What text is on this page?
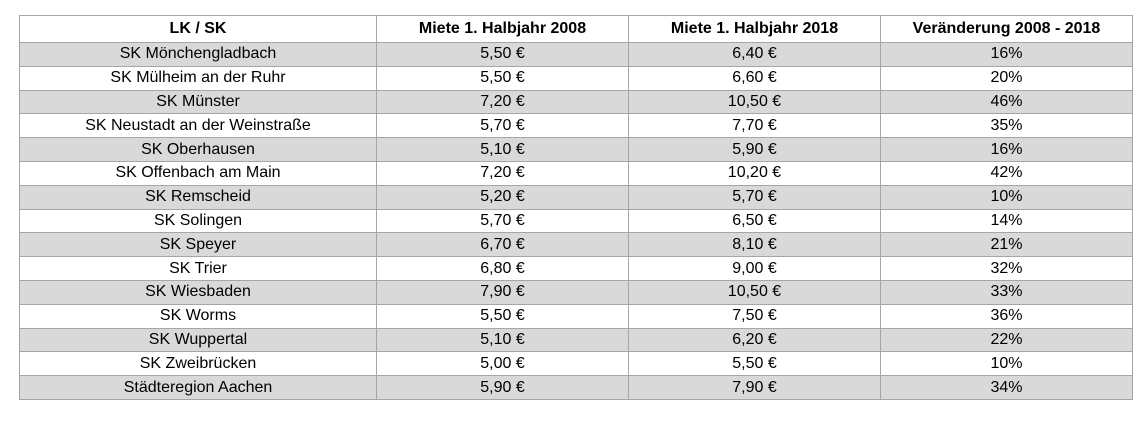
LK / SK	Miete 1. Halbjahr 2008	Miete 1. Halbjahr 2018	Veränderung 2008 - 2018
SK Mönchengladbach	5,50 €	6,40 €	16%
SK Mülheim an der Ruhr	5,50 €	6,60 €	20%
SK Münster	7,20 €	10,50 €	46%
SK Neustadt an der Weinstraße	5,70 €	7,70 €	35%
SK Oberhausen	5,10 €	5,90 €	16%
SK Offenbach am Main	7,20 €	10,20 €	42%
SK Remscheid	5,20 €	5,70 €	10%
SK Solingen	5,70 €	6,50 €	14%
SK Speyer	6,70 €	8,10 €	21%
SK Trier	6,80 €	9,00 €	32%
SK Wiesbaden	7,90 €	10,50 €	33%
SK Worms	5,50 €	7,50 €	36%
SK Wuppertal	5,10 €	6,20 €	22%
SK Zweibrücken	5,00 €	5,50 €	10%
Städteregion Aachen	5,90 €	7,90 €	34%
